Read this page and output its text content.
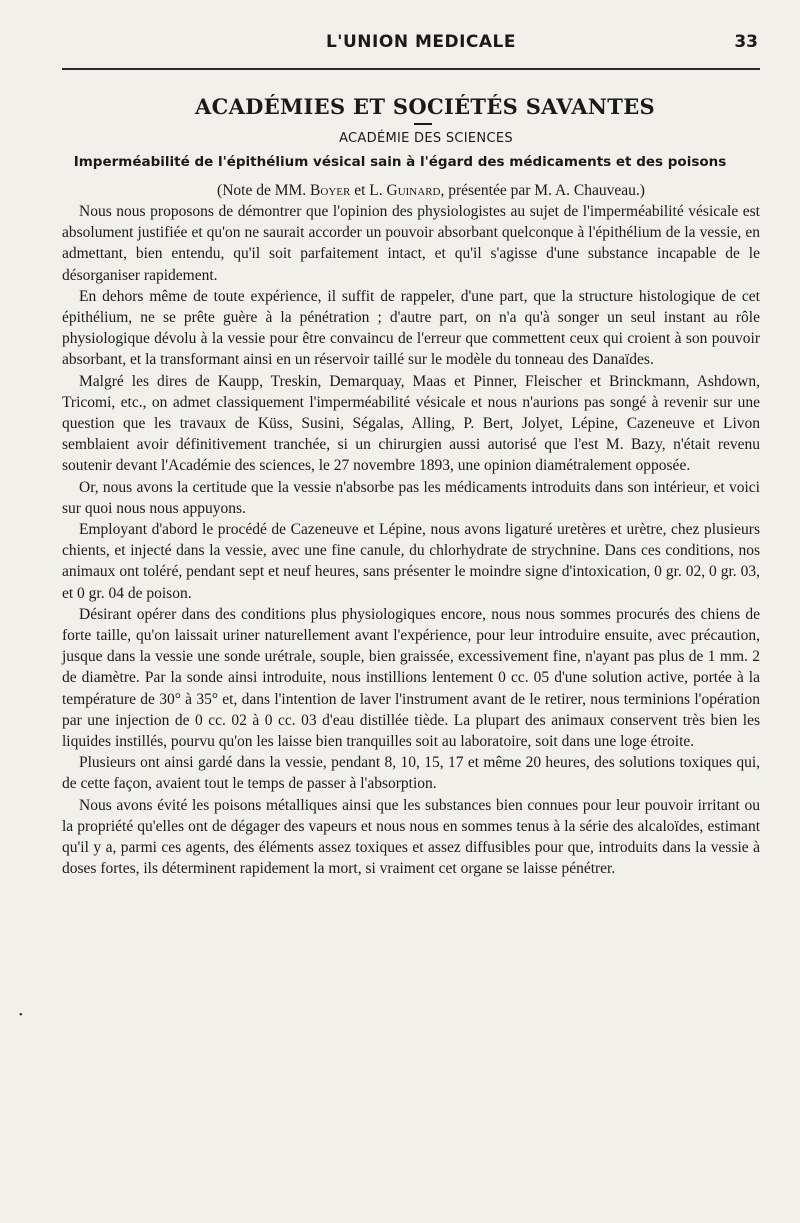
L'UNION MEDICALE	33
ACADÉMIES ET SOCIÉTÉS SAVANTES
ACADÉMIE DES SCIENCES
Imperméabilité de l'épithélium vésical sain à l'égard des médicaments et des poisons
(Note de MM. Boyer et L. Guinard, présentée par M. A. Chauveau.)

Nous nous proposons de démontrer que l'opinion des physiologistes au sujet de l'imperméabilité vésicale est absolument justifiée et qu'on ne saurait accorder un pouvoir absorbant quelconque à l'épithélium de la vessie, en admettant, bien entendu, qu'il soit parfaitement intact, et qu'il s'agisse d'une substance incapable de le désorganiser rapidement.

En dehors même de toute expérience, il suffit de rappeler, d'une part, que la structure histologique de cet épithélium, ne se prête guère à la pénétration ; d'autre part, on n'a qu'à songer un seul instant au rôle physiologique dévolu à la vessie pour être convaincu de l'erreur que commettent ceux qui croient à son pouvoir absorbant, et la transformant ainsi en un réservoir taillé sur le modèle du tonneau des Danaïdes.

Malgré les dires de Kaupp, Treskin, Demarquay, Maas et Pinner, Fleischer et Brinckmann, Ashdown, Tricomi, etc., on admet classiquement l'imperméabilité vésicale et nous n'aurions pas songé à revenir sur une question que les travaux de Küss, Susini, Ségalas, Alling, P. Bert, Jolyet, Lépine, Cazeneuve et Livon semblaient avoir définitivement tranchée, si un chirurgien aussi autorisé que l'est M. Bazy, n'était revenu soutenir devant l'Académie des sciences, le 27 novembre 1893, une opinion diamétralement opposée.

Or, nous avons la certitude que la vessie n'absorbe pas les médicaments introduits dans son intérieur, et voici sur quoi nous nous appuyons.

Employant d'abord le procédé de Cazeneuve et Lépine, nous avons ligaturé uretères et urètre, chez plusieurs chients, et injecté dans la vessie, avec une fine canule, du chlorhydrate de strychnine. Dans ces conditions, nos animaux ont toléré, pendant sept et neuf heures, sans présenter le moindre signe d'intoxication, 0 gr. 02, 0 gr. 03, et 0 gr. 04 de poison.

Désirant opérer dans des conditions plus physiologiques encore, nous nous sommes procurés des chiens de forte taille, qu'on laissait uriner naturellement avant l'expérience, pour leur introduire ensuite, avec précaution, jusque dans la vessie une sonde urétrale, souple, bien graissée, excessivement fine, n'ayant pas plus de 1 mm. 2 de diamètre. Par la sonde ainsi introduite, nous instillions lentement 0 cc. 05 d'une solution active, portée à la température de 30° à 35° et, dans l'intention de laver l'instrument avant de le retirer, nous terminions l'opération par une injection de 0 cc. 02 à 0 cc. 03 d'eau distillée tiède. La plupart des animaux conservent très bien les liquides instillés, pourvu qu'on les laisse bien tranquilles soit au laboratoire, soit dans une loge étroite.

Plusieurs ont ainsi gardé dans la vessie, pendant 8, 10, 15, 17 et même 20 heures, des solutions toxiques qui, de cette façon, avaient tout le temps de passer à l'absorption.

Nous avons évité les poisons métalliques ainsi que les substances bien connues pour leur pouvoir irritant ou la propriété qu'elles ont de dégager des vapeurs et nous nous en sommes tenus à la série des alcaloïdes, estimant qu'il y a, parmi ces agents, des éléments assez toxiques et assez diffusibles pour que, introduits dans la vessie à doses fortes, ils déterminent rapidement la mort, si vraiment cet organe se laisse pénétrer.

•
